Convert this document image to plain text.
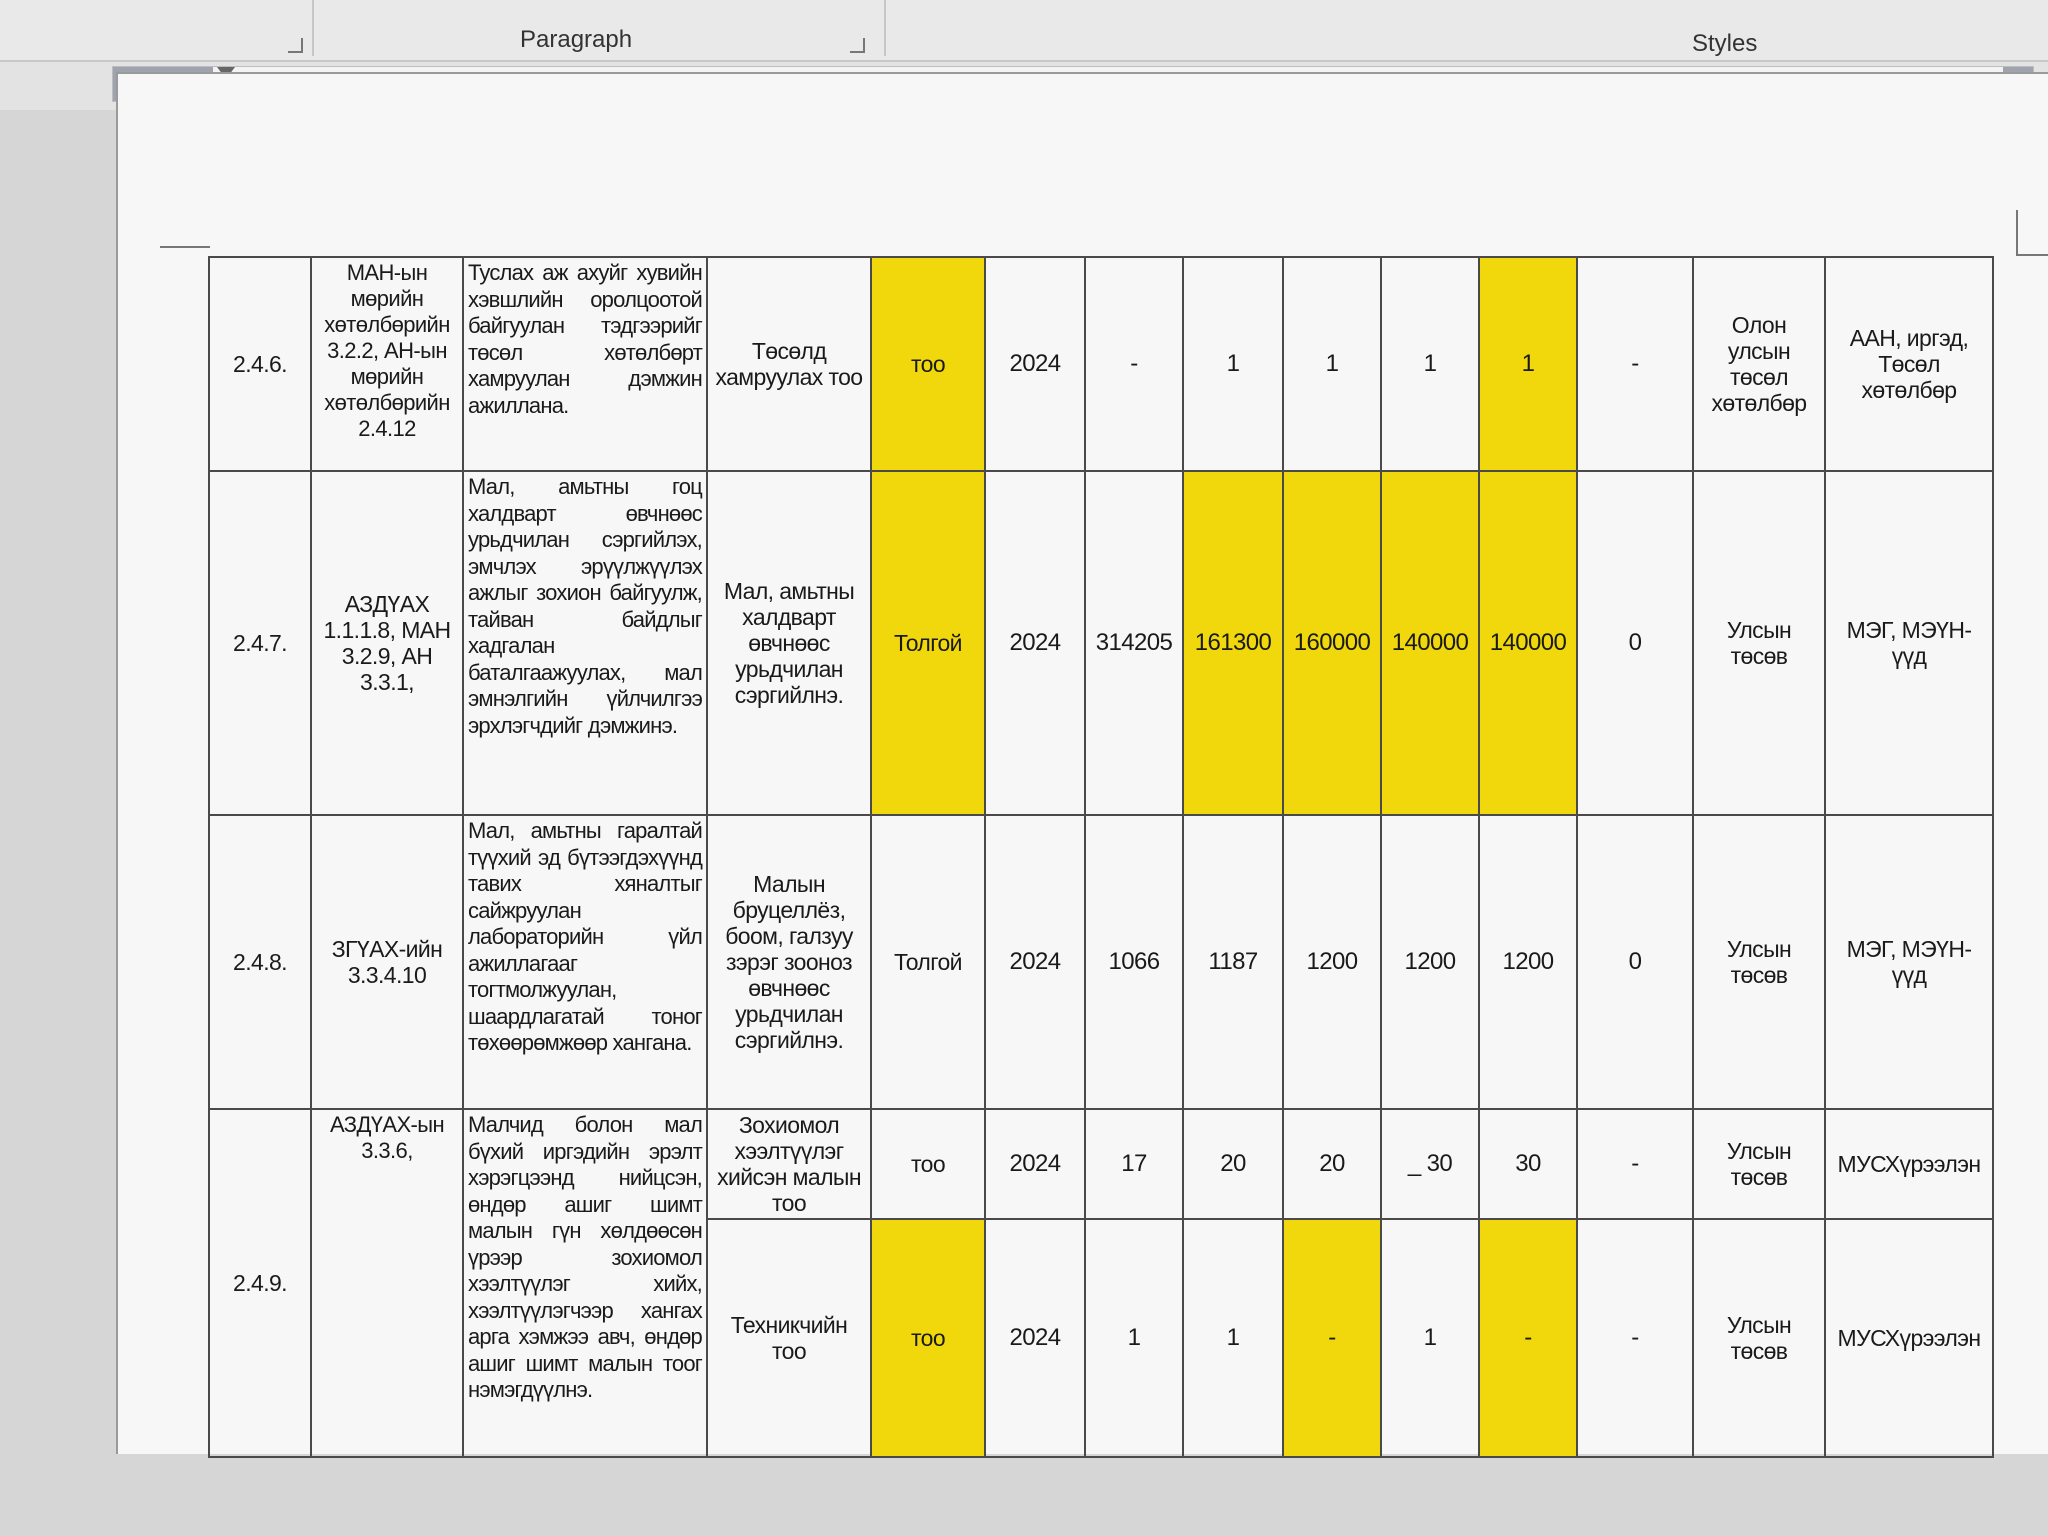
Paragraph	Styles
2.4.6.	МАН-ын мөрийн хөтөлбөрийн 3.2.2, АН-ын мөрийн хөтөлбөрийн 2.4.12	Туслах аж ахуйг хувийн хэвшлийн оролцоотой байгуулан тэдгээрийг төсөл хөтөлбөрт хамруулан дэмжин ажиллана.	Төсөлд хамруулах тоо	тоо	2024	-	1	1	1	1	-	Олон улсын төсөл хөтөлбөр	ААН, иргэд, Төсөл хөтөлбөр
2.4.7.	АЗДҮАХ 1.1.1.8, МАН 3.2.9, АН 3.3.1,	Мал, амьтны гоц халдварт өвчнөөс урьдчилан сэргийлэх, эмчлэх эрүүлжүүлэх ажлыг зохион байгуулж, тайван байдлыг хадгалан баталгаажуулах, мал эмнэлгийн үйлчилгээ эрхлэгчдийг дэмжинэ.	Мал, амьтны халдварт өвчнөөс урьдчилан сэргийлнэ.	Толгой	2024	314205	161300	160000	140000	140000	0	Улсын төсөв	МЭГ, МЭҮН-үүд
2.4.8.	ЗГҮАХ-ийн 3.3.4.10	Мал, амьтны гаралтай түүхий эд бүтээгдэхүүнд тавих хяналтыг сайжруулан лабораторийн үйл ажиллагааг тогтмолжуулан, шаардлагатай тоног төхөөрөмжөөр хангана.	Малын бруцеллёз, боом, галзуу зэрэг зооноз өвчнөөс урьдчилан сэргийлнэ.	Толгой	2024	1066	1187	1200	1200	1200	0	Улсын төсөв	МЭГ, МЭҮН-үүд
2.4.9.	АЗДҮАХ-ын 3.3.6,	Малчид болон мал бүхий иргэдийн эрэлт хэрэгцээнд нийцсэн, өндөр ашиг шимт малын гүн хөлдөөсөн үрээр зохиомол хээлтүүлэг хийх, хээлтүүлэгчээр хангах арга хэмжээ авч, өндөр ашиг шимт малын тоог нэмэгдүүлнэ.	Зохиомол хээлтүүлэг хийсэн малын тоо	тоо	2024	17	20	20	_ 30	30	-	Улсын төсөв	МУСХүрээлэн
			Техникчийн тоо	тоо	2024	1	1	-	1	-	-	Улсын төсөв	МУСХүрээлэн
